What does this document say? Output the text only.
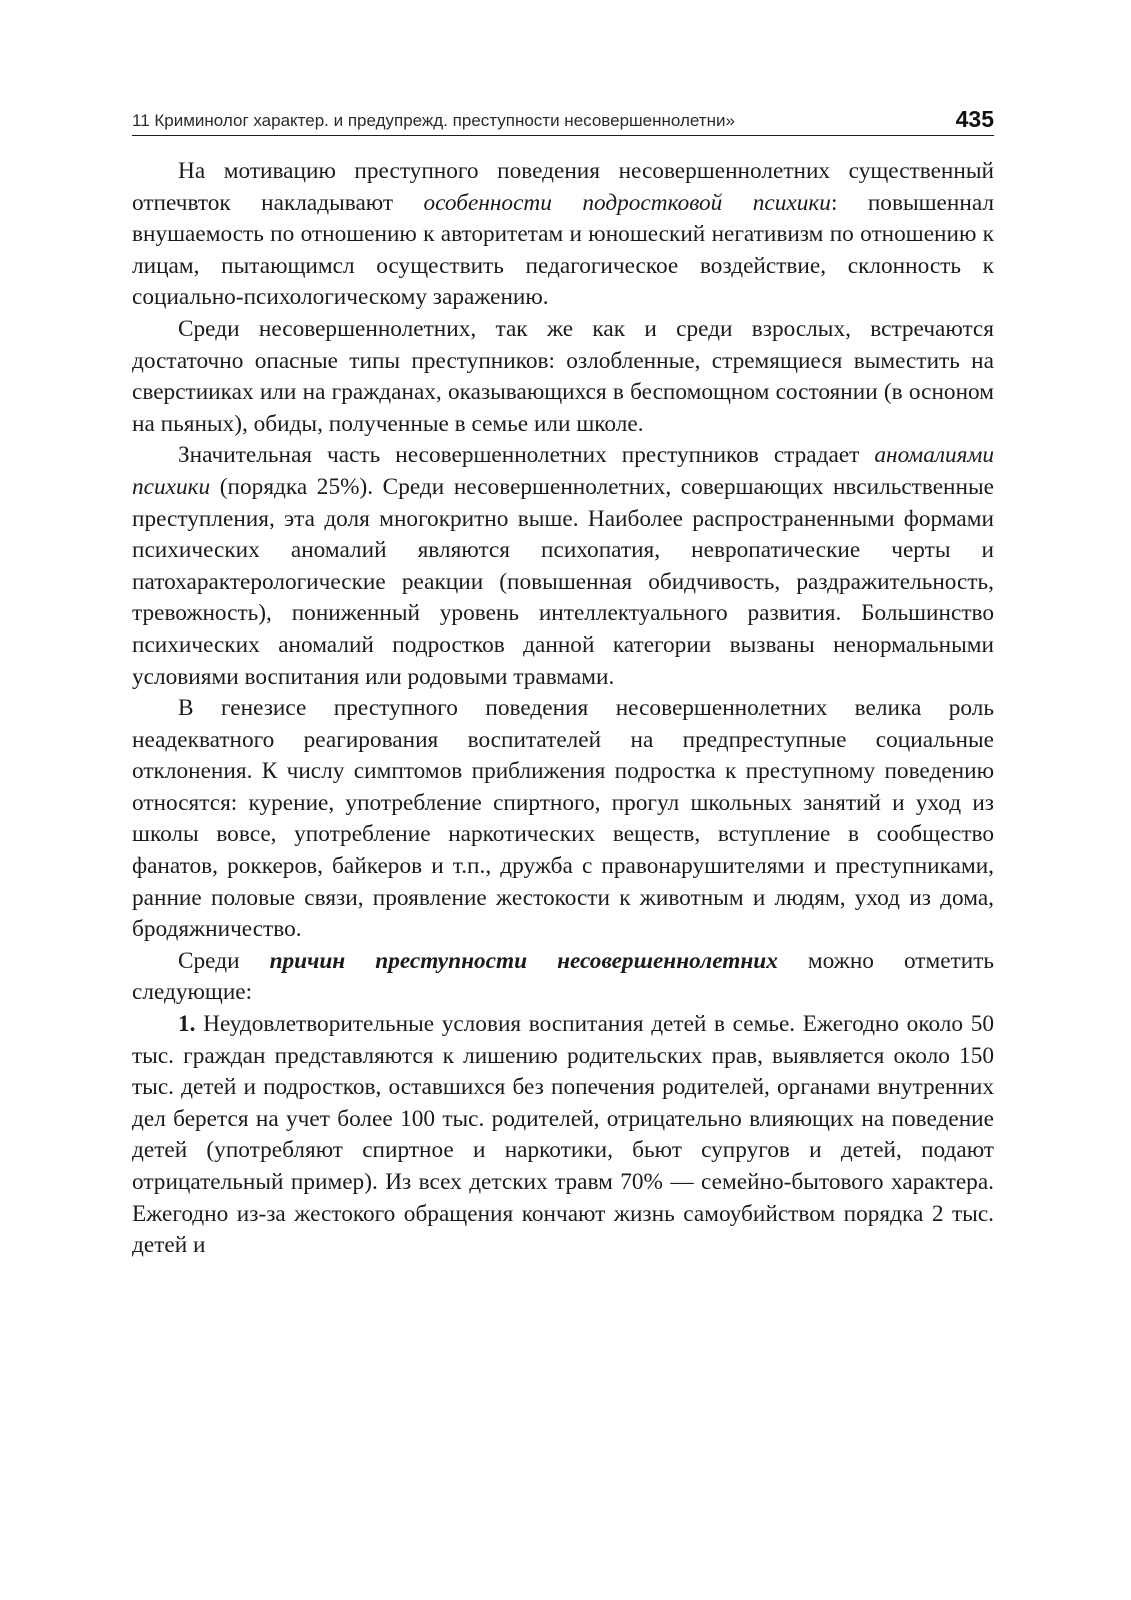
11 Криминолог характер. и предупрежд. преступности несовершеннолетни»	435

На мотивацию преступного поведения несовершеннолетних существенный отпечвток накладывают особенности подростковой психики: повышеннал внушаемость по отношению к авторитетам и юношеский негативизм по отношению к лицам, пытающимсл осуществить педагогическое воздействие, склонность к социально-психологическому заражению.

Среди несовершеннолетних, так же как и среди взрослых, встречаются достаточно опасные типы преступников: озлобленные, стремящиеся выместить на сверстииках или на гражданах, оказывающихся в беспомощном состоянии (в осноном на пьяных), обиды, полученные в семье или школе.

Значительная часть несовершеннолетних преступников страдает аномалиями психики (порядка 25%). Среди несовершеннолетних, совершающих нвсильственные преступления, эта доля многокритно выше. Наиболее распространенными формами психических аномалий являются психопатия, невропатические черты и патохарактерологические реакции (повышенная обидчивость, раздражительность, тревожность), пониженный уровень интеллектуального развития. Большинство психических аномалий подростков данной категории вызваны ненормальными условиями воспитания или родовыми травмами.

В генезисе преступного поведения несовершеннолетних велика роль неадекватного реагирования воспитателей на предпреступные социальные отклонения. К числу симптомов приближения подростка к преступному поведению относятся: курение, употребление спиртного, прогул школьных занятий и уход из школы вовсе, употребление наркотических веществ, вступление в сообщество фанатов, роккеров, байкеров и т.п., дружба с правонарушителями и преступниками, ранние половые связи, проявление жестокости к животным и людям, уход из дома, бродяжничество.

Среди причин преступности несовершеннолетних можно отметить следующие:

1. Неудовлетворительные условия воспитания детей в семье. Ежегодно около 50 тыс. граждан представляются к лишению родительских прав, выявляется около 150 тыс. детей и подростков, оставшихся без попечения родителей, органами внутренних дел берется на учет более 100 тыс. родителей, отрицательно влияющих на поведение детей (употребляют спиртное и наркотики, бьют супругов и детей, подают отрицательный пример). Из всех детских травм 70% — семейно-бытового характера. Ежегодно из-за жестокого обращения кончают жизнь самоубийством порядка 2 тыс. детей и
